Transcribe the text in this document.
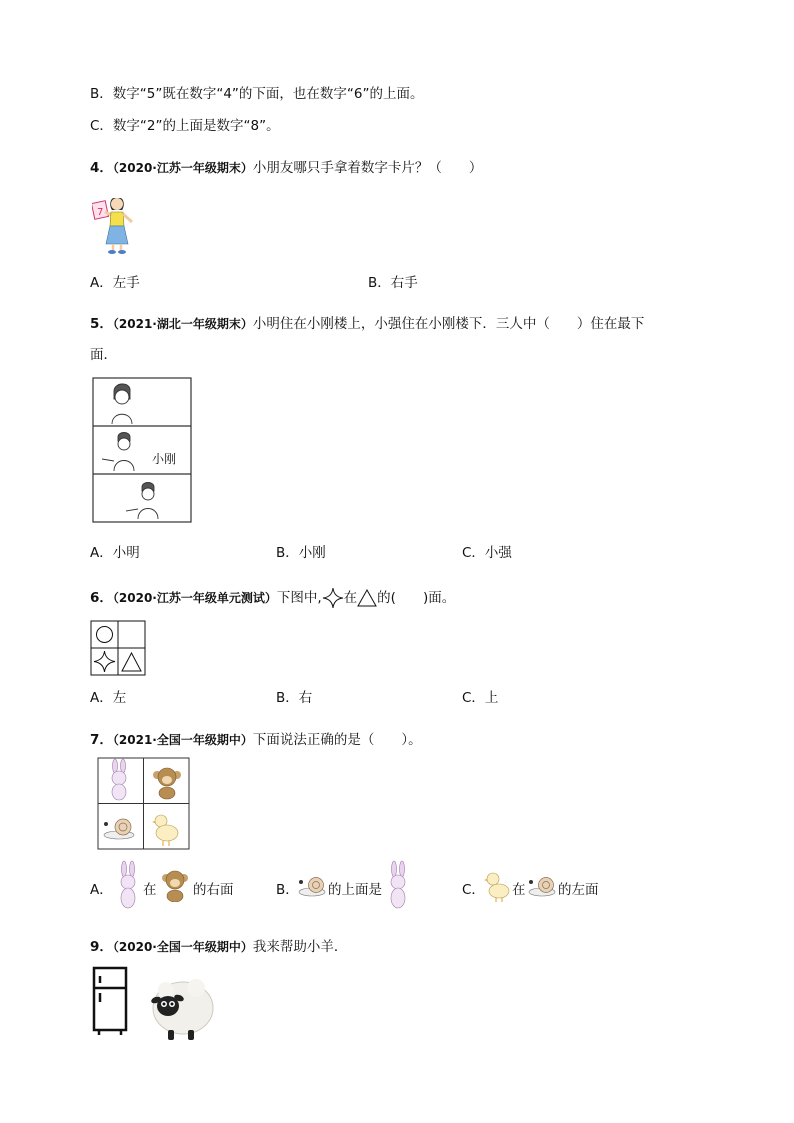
B．数字“5”既在数字“4”的下面，也在数字“6”的上面。
C．数字“2”的上面是数字“8”。
4．（2020·江苏一年级期末）小朋友哪只手拿着数字卡片？（　　）
7
A．左手	B．右手
5．（2021·湖北一年级期末）小明住在小刚楼上，小强住在小刚楼下．三人中（　　）住在最下
面．
小刚
A．小明	B．小刚	C．小强
6．（2020·江苏一年级单元测试）下图中, 在 的(　　)面。
A．左	B．右	C．上
7．（2021·全国一年级期中）下面说法正确的是（　　）。
A． 在	的右面	B． 的上面是	C． 在 的左面
9．（2020·全国一年级期中）我来帮助小羊．
